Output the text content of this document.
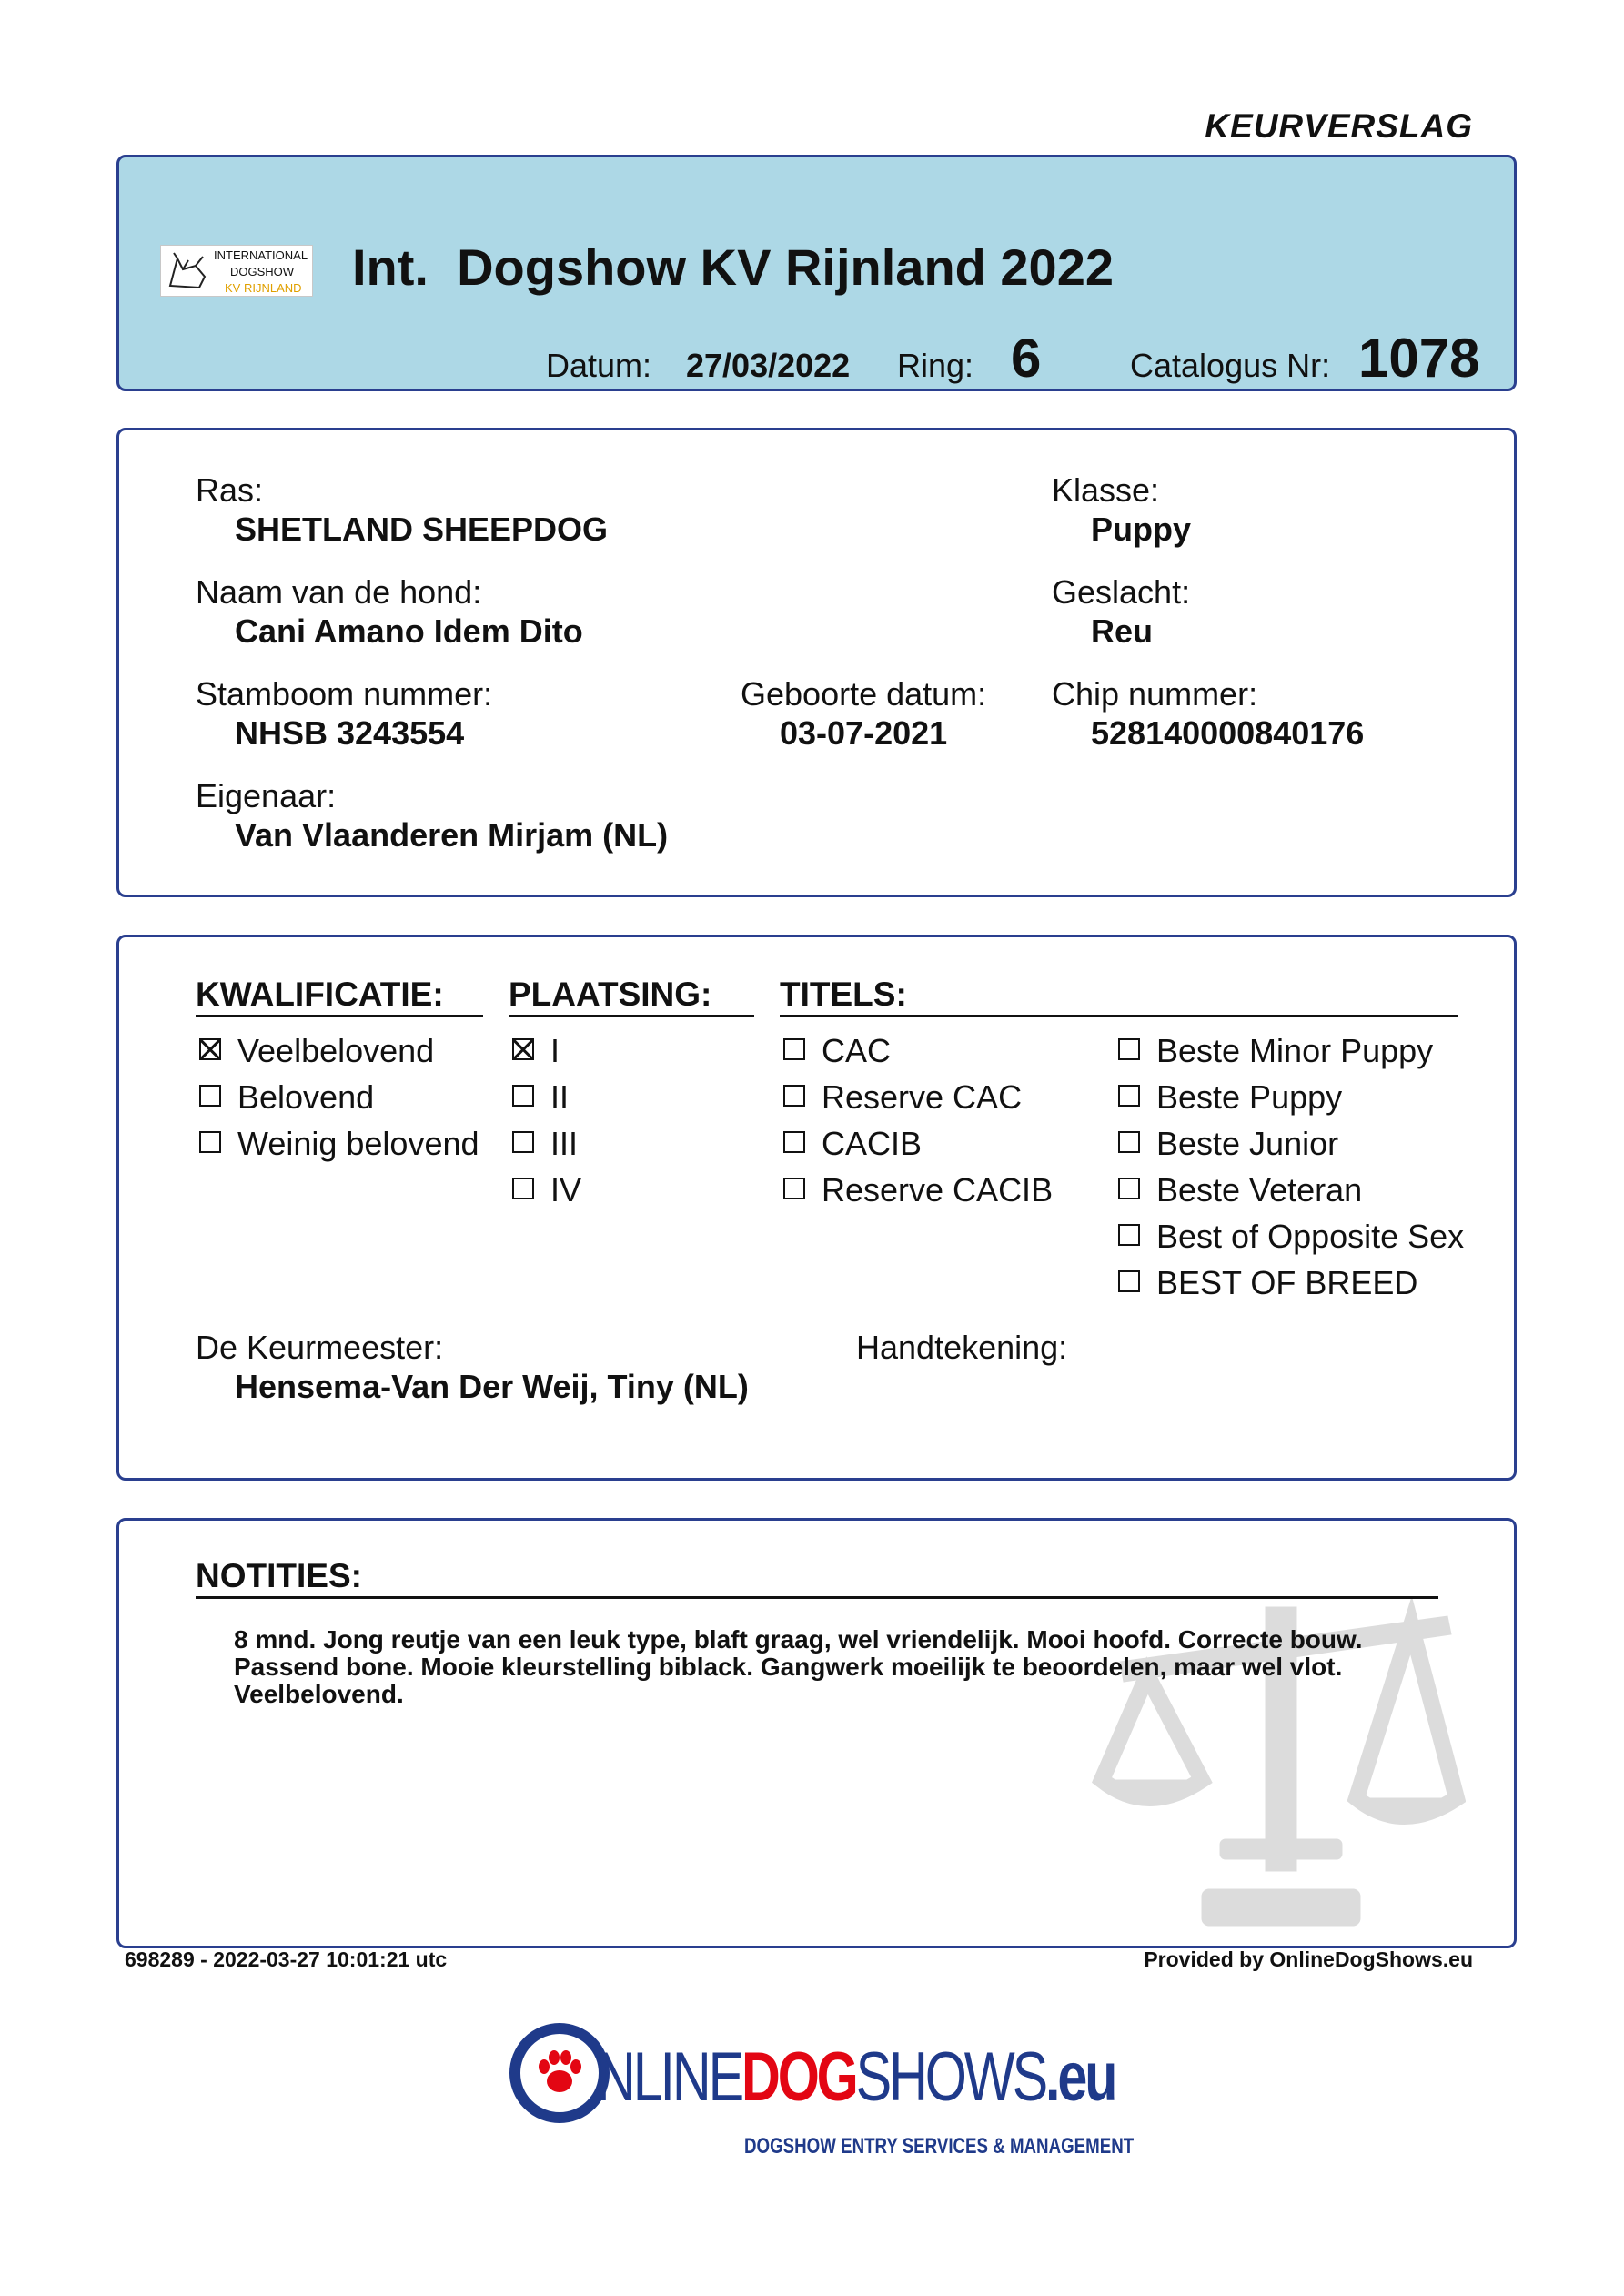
KEURVERSLAG
INTERNATIONAL
DOGSHOW
KV RIJNLAND Int.  Dogshow KV Rijnland 2022
Datum: 27/03/2022 Ring: 6	Catalogus Nr: 1078
Ras:
SHETLAND SHEEPDOG
Klasse:
Puppy
Naam van de hond:
Cani Amano Idem Dito
Geslacht:
Reu
Stamboom nummer:
NHSB 3243554
Geboorte datum:
03-07-2021
Chip nummer:
528140000840176
Eigenaar:
Van Vlaanderen Mirjam (NL)
KWALIFICATIE:	PLAATSING:	TITELS:
Veelbelovend
Belovend
Weinig belovend
I
II
III
IV
CAC
Reserve CAC
CACIB
Reserve CACIB
Beste Minor Puppy
Beste Puppy
Beste Junior
Beste Veteran
Best of Opposite Sex
BEST OF BREED
De Keurmeester:
Hensema-Van Der Weij, Tiny (NL)
Handtekening:
NOTITIES:
8 mnd. Jong reutje van een leuk type, blaft graag, wel vriendelijk. Mooi hoofd. Correcte bouw. Passend bone. Mooie kleurstelling biblack. Gangwerk moeilijk te beoordelen, maar wel vlot. Veelbelovend.
698289 - 2022-03-27 10:01:21 utc	Provided by OnlineDogShows.eu
NLINEDOGSHOWS.eu
DOGSHOW ENTRY SERVICES & MANAGEMENT
